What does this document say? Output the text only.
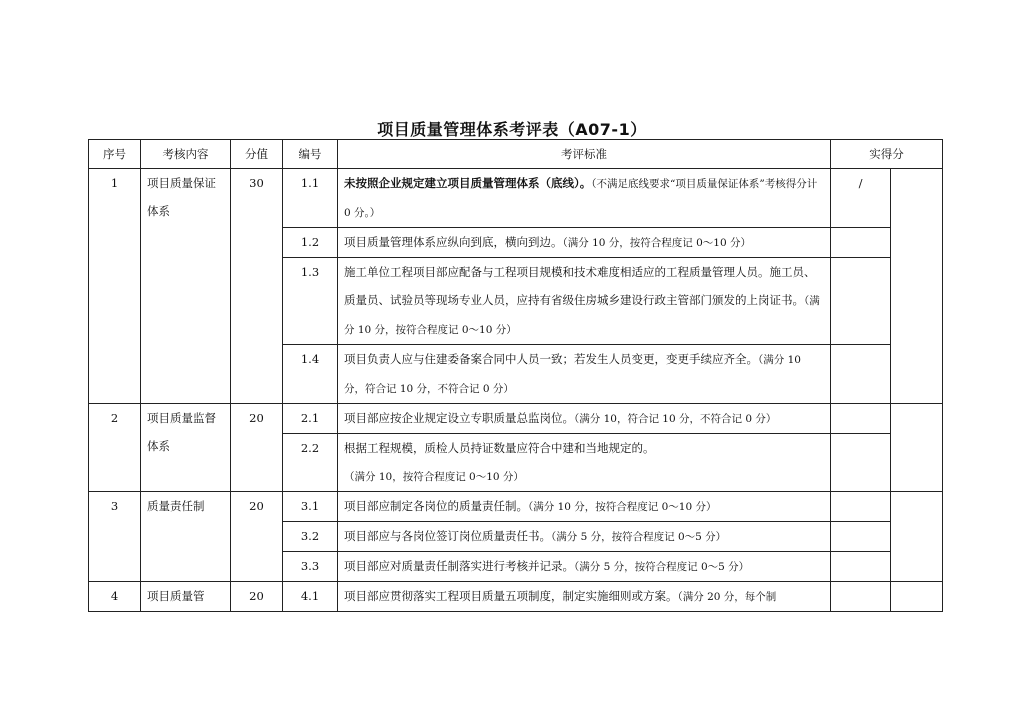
项目质量管理体系考评表（A07-1）
序号	考核内容	分值	编号	考评标准	实得分	
1	项目质量保证体系	30	1.1	未按照企业规定建立项目质量管理体系（底线）。（不满足底线要求“项目质量保证体系”考核得分计 0 分。）	/	
			1.2	项目质量管理体系应纵向到底，横向到边。（满分 10 分，按符合程度记 0～10 分）		
			1.3	施工单位工程项目部应配备与工程项目规模和技术难度相适应的工程质量管理人员。施工员、质量员、试验员等现场专业人员，应持有省级住房城乡建设行政主管部门颁发的上岗证书。（满分 10 分，按符合程度记 0～10 分）		
			1.4	项目负责人应与住建委备案合同中人员一致；若发生人员变更，变更手续应齐全。（满分 10 分，符合记 10 分，不符合记 0 分）		
2	项目质量监督体系	20	2.1	项目部应按企业规定设立专职质量总监岗位。（满分 10，符合记 10 分，不符合记 0 分）		
			2.2	根据工程规模，质检人员持证数量应符合中建和当地规定的。（满分 10，按符合程度记 0～10 分）		
3	质量责任制	20	3.1	项目部应制定各岗位的质量责任制。（满分 10 分，按符合程度记 0～10 分）		
			3.2	项目部应与各岗位签订岗位质量责任书。（满分 5 分，按符合程度记 0～5 分）		
			3.3	项目部应对质量责任制落实进行考核并记录。（满分 5 分，按符合程度记 0～5 分）		
4	项目质量管	20	4.1	项目部应贯彻落实工程项目质量五项制度，制定实施细则或方案。（满分 20 分，每个制		
